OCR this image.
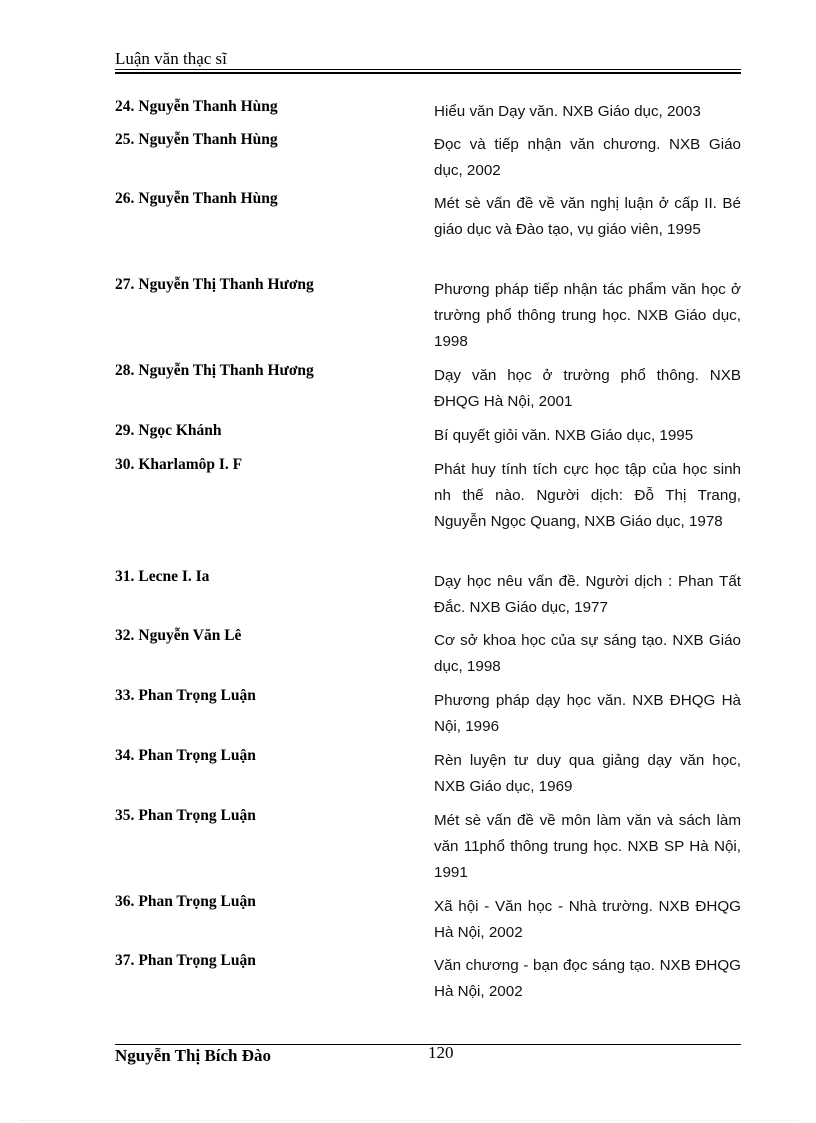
Luận văn thạc sĩ
24. Nguyễn Thanh Hùng	Hiểu văn Dạy văn. NXB Giáo dục, 2003
25. Nguyễn Thanh Hùng	Đọc và tiếp nhận văn chương. NXB Giáo dục, 2002
26. Nguyễn Thanh Hùng	Mét sè vấn đề về văn nghị luận ở cấp II. Bé giáo dục và Đào tạo, vụ giáo viên, 1995
27. Nguyễn Thị Thanh Hương	Phương pháp tiếp nhận tác phẩm văn học ở trường phổ thông trung học. NXB Giáo dục, 1998
28. Nguyễn Thị Thanh Hương	Dạy văn học ở trường phổ thông. NXB ĐHQG Hà Nội, 2001
29. Ngọc Khánh	Bí quyết giỏi văn. NXB Giáo dục, 1995
30. Kharlamôp I. F	Phát huy tính tích cực học tập của học sinh nh thế nào. Người dịch: Đỗ Thị Trang, Nguyễn Ngọc Quang, NXB Giáo dục, 1978
31. Lecne I. Ia	Dạy học nêu vấn đề. Người dịch : Phan Tất Đắc. NXB Giáo dục, 1977
32. Nguyễn Văn Lê	Cơ sở khoa học của sự sáng tạo. NXB Giáo dục, 1998
33. Phan Trọng Luận	Phương pháp dạy học văn. NXB ĐHQG Hà Nội, 1996
34. Phan Trọng Luận	Rèn luyện tư duy qua giảng dạy văn học, NXB Giáo dục, 1969
35. Phan Trọng Luận	Mét sè vấn đề về môn làm văn và sách làm văn 11phổ thông trung học. NXB SP Hà Nội, 1991
36. Phan Trọng Luận	Xã hội - Văn học - Nhà trường. NXB ĐHQG Hà Nội, 2002
37. Phan Trọng Luận	Văn chương - bạn đọc sáng tạo. NXB ĐHQG Hà Nội, 2002
Nguyễn Thị Bích Đào	120
